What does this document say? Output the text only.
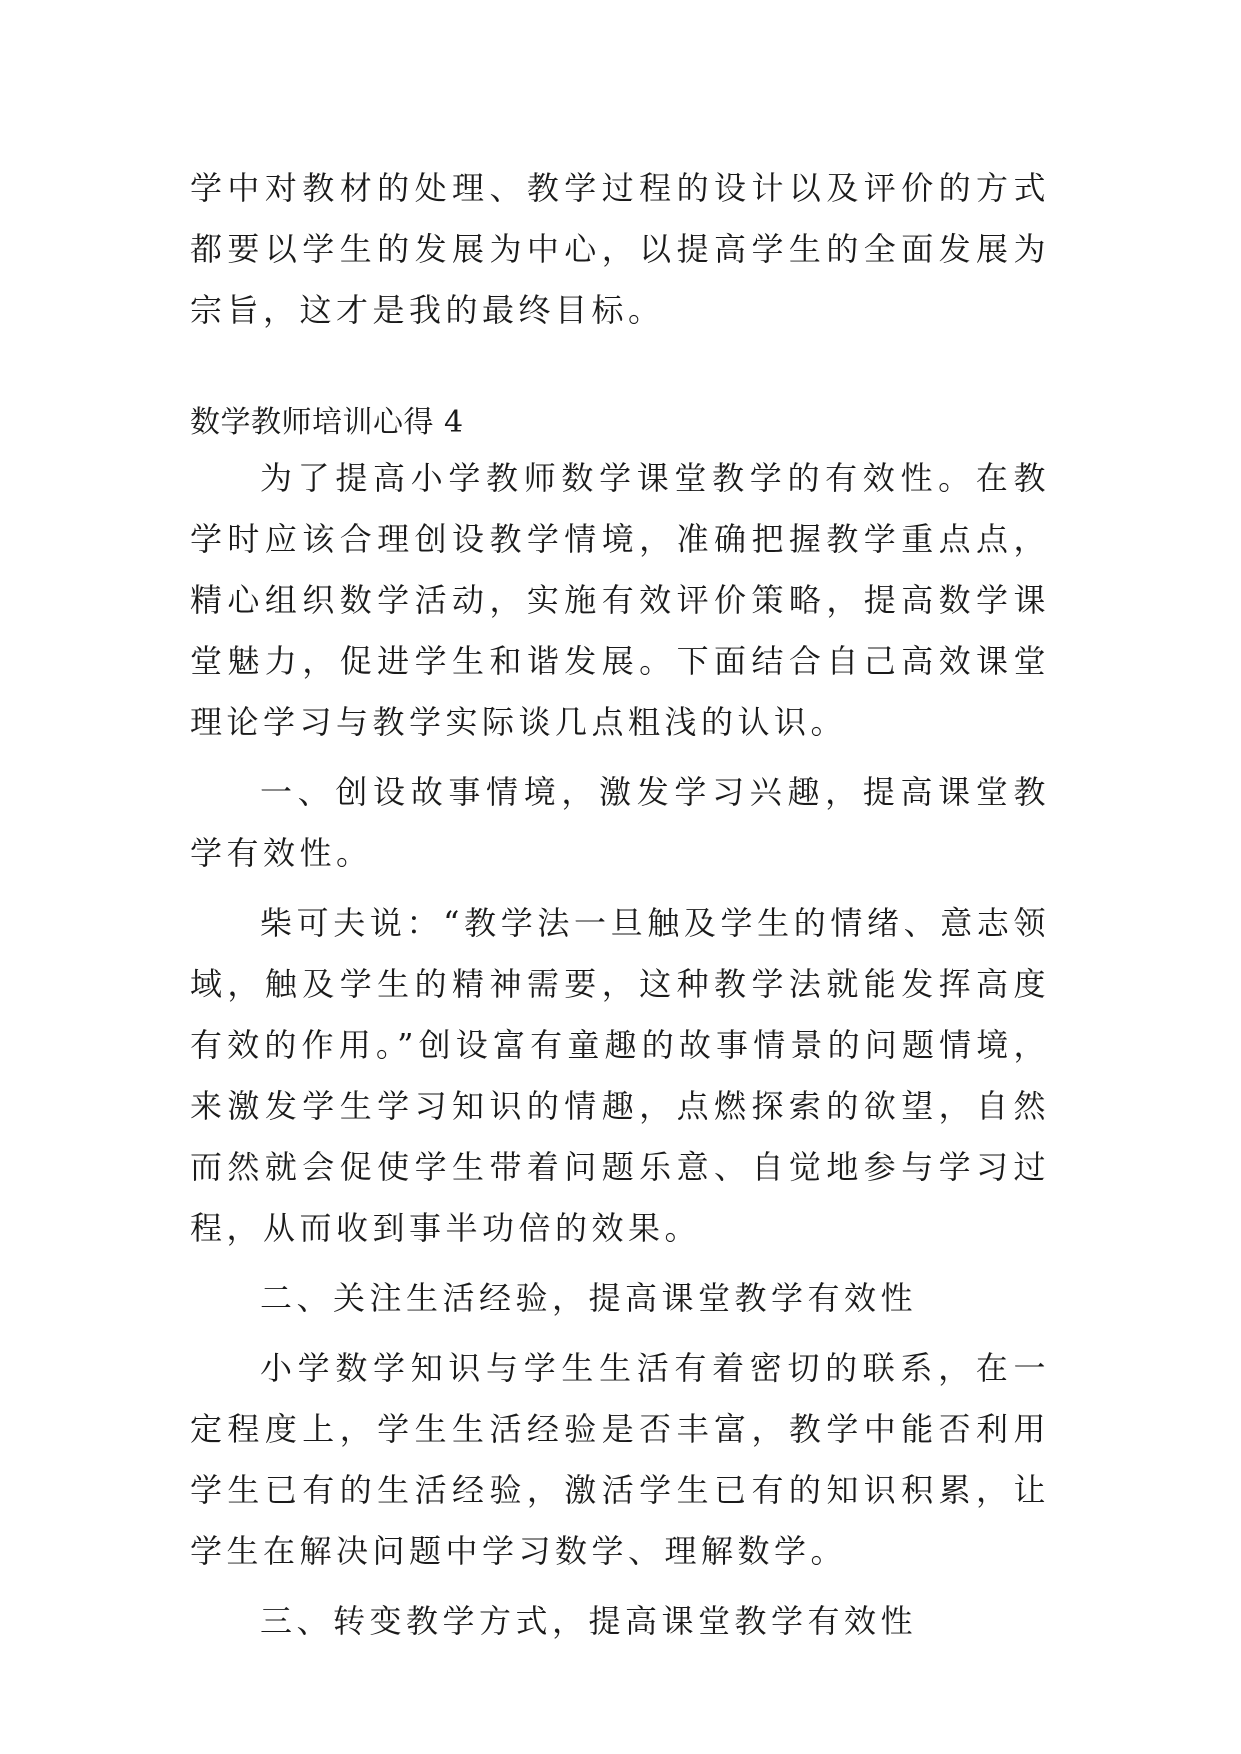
学中对教材的处理、教学过程的设计以及评价的方式都要以学生的发展为中心，以提高学生的全面发展为宗旨，这才是我的最终目标。

数学教师培训心得 4

为了提高小学教师数学课堂教学的有效性。在教学时应该合理创设教学情境，准确把握教学重点点，精心组织数学活动，实施有效评价策略，提高数学课堂魅力，促进学生和谐发展。下面结合自己高效课堂理论学习与教学实际谈几点粗浅的认识。

一、创设故事情境，激发学习兴趣，提高课堂教学有效性。

柴可夫说：“教学法一旦触及学生的情绪、意志领域，触及学生的精神需要，这种教学法就能发挥高度有效的作用。”创设富有童趣的故事情景的问题情境，来激发学生学习知识的情趣，点燃探索的欲望，自然而然就会促使学生带着问题乐意、自觉地参与学习过程，从而收到事半功倍的效果。

二、关注生活经验，提高课堂教学有效性

小学数学知识与学生生活有着密切的联系，在一定程度上，学生生活经验是否丰富，教学中能否利用学生已有的生活经验，激活学生已有的知识积累，让学生在解决问题中学习数学、理解数学。

三、转变教学方式，提高课堂教学有效性
